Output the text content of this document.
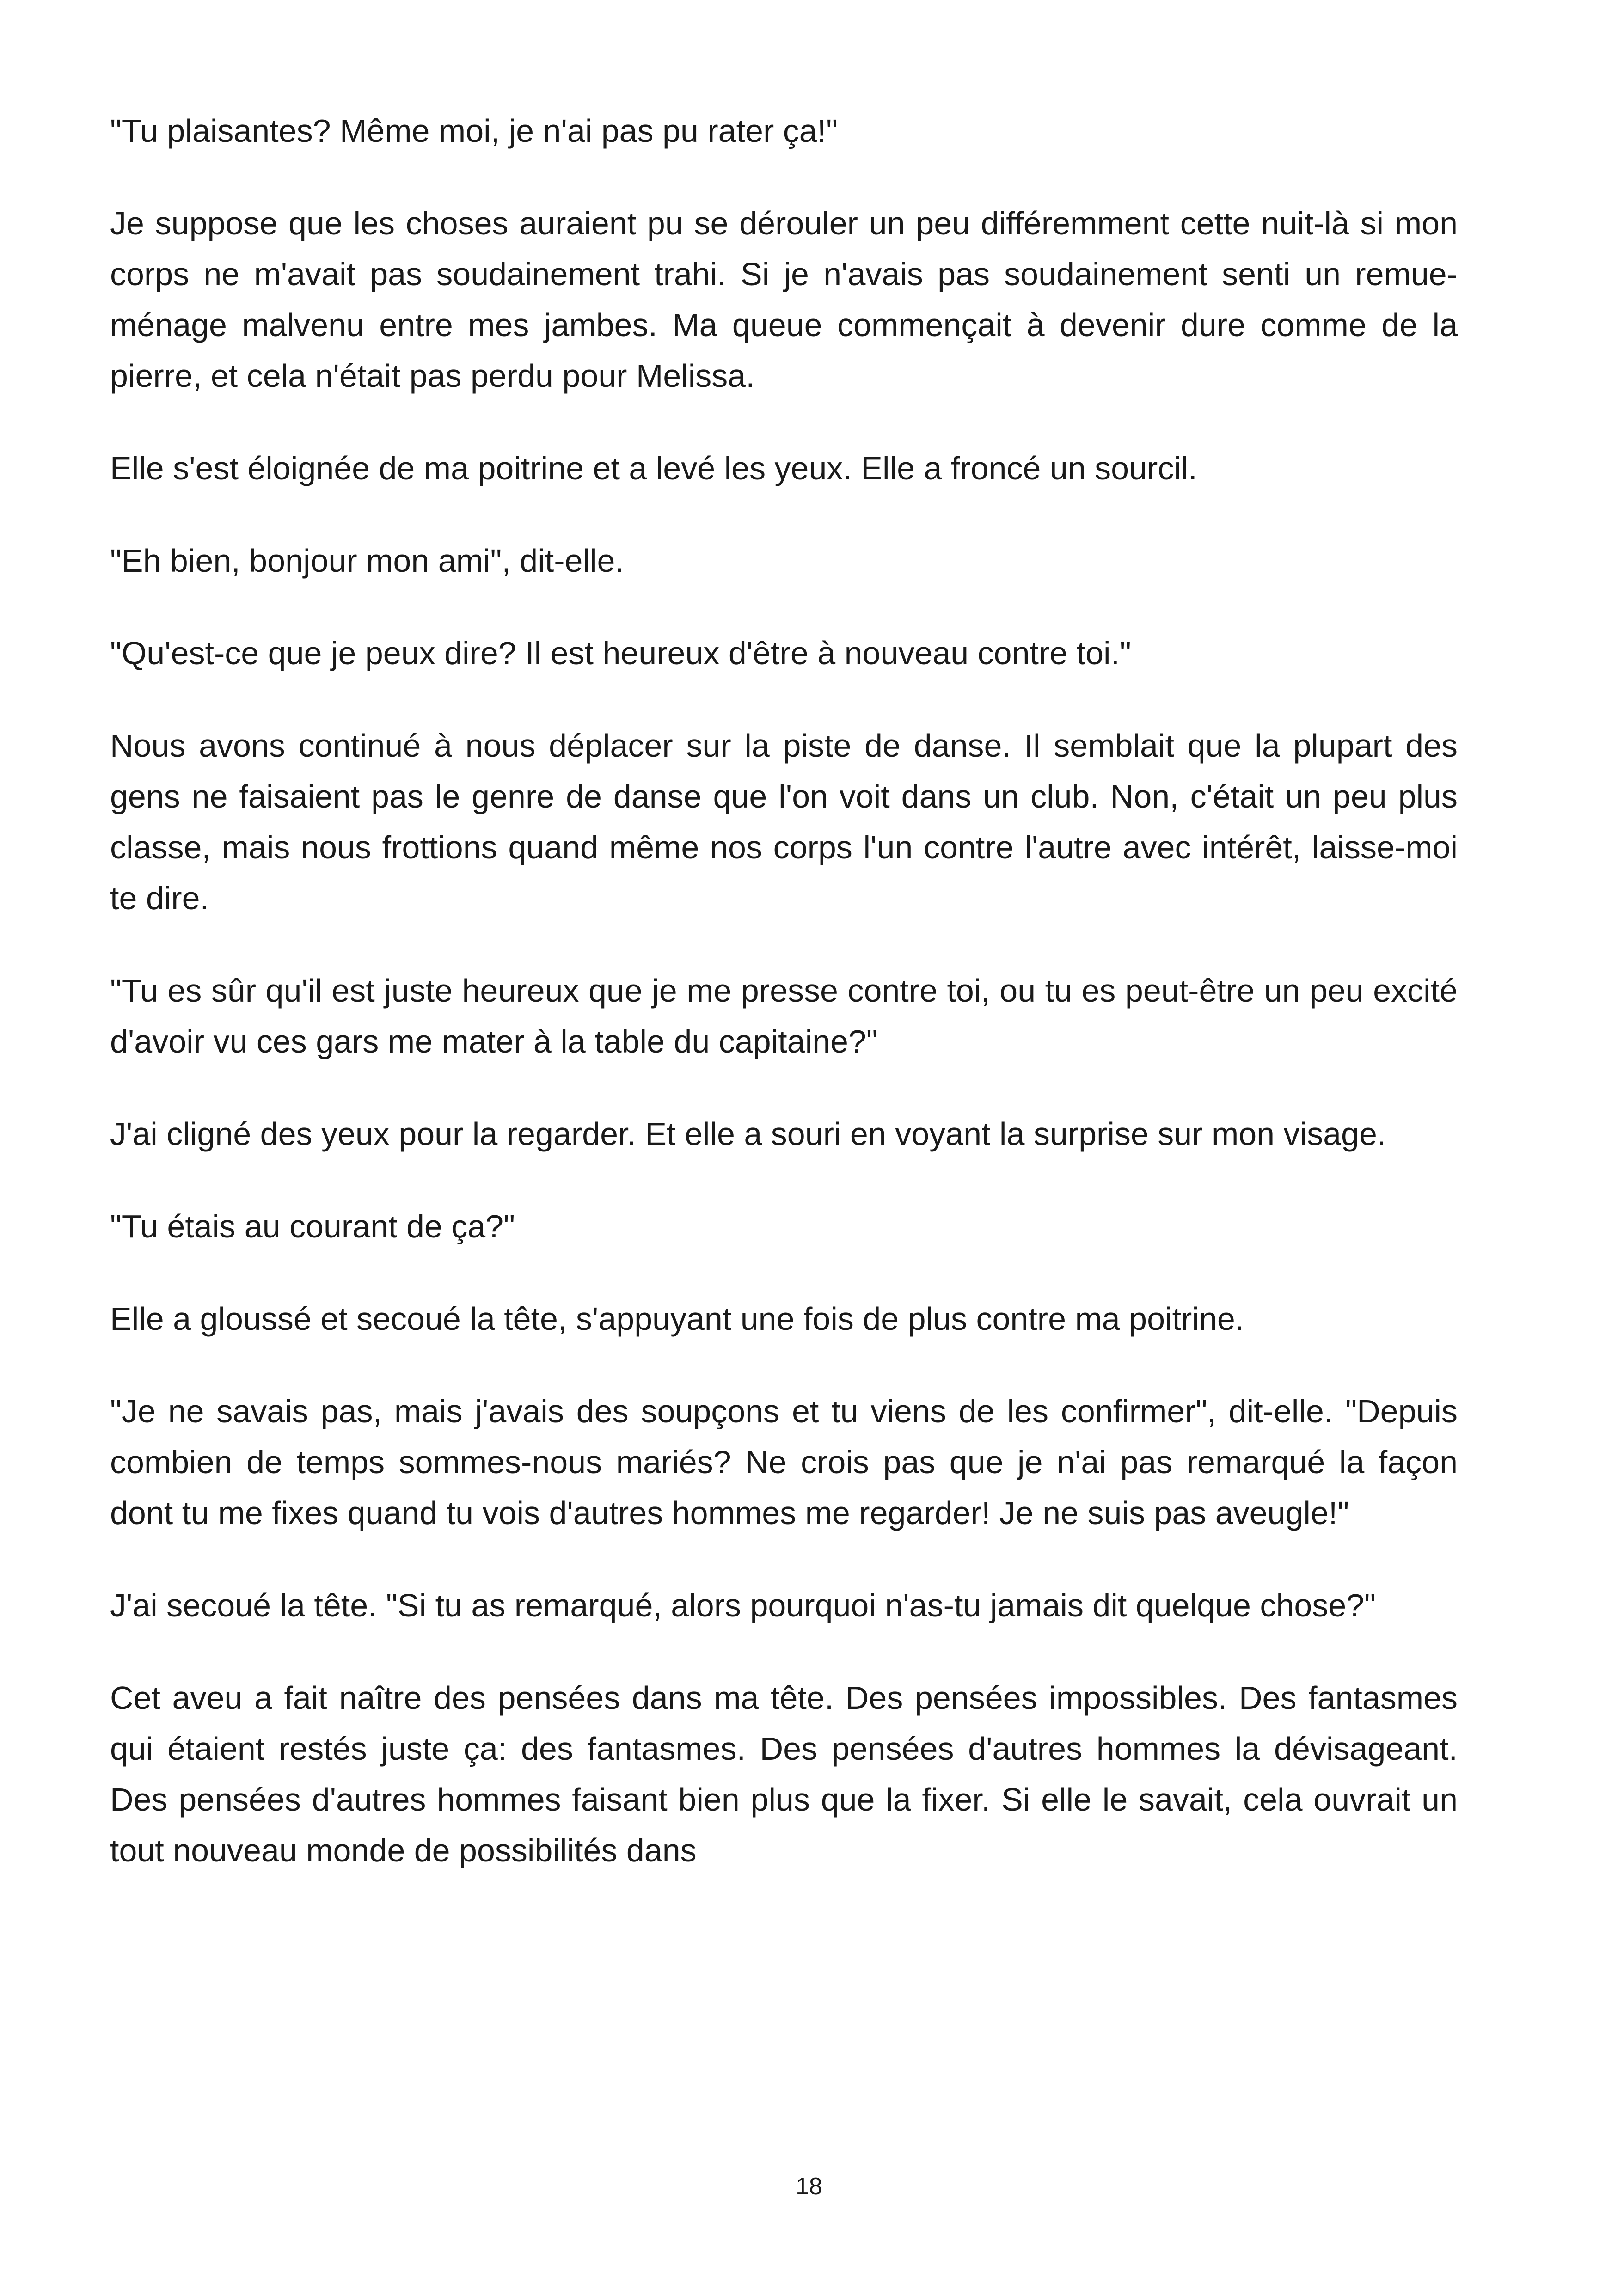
"Tu plaisantes? Même moi, je n'ai pas pu rater ça!"

Je suppose que les choses auraient pu se dérouler un peu différemment cette nuit-là si mon corps ne m'avait pas soudainement trahi. Si je n'avais pas soudainement senti un remue-ménage malvenu entre mes jambes. Ma queue commençait à devenir dure comme de la pierre, et cela n'était pas perdu pour Melissa.

Elle s'est éloignée de ma poitrine et a levé les yeux. Elle a froncé un sourcil.

"Eh bien, bonjour mon ami", dit-elle.

"Qu'est-ce que je peux dire? Il est heureux d'être à nouveau contre toi."

Nous avons continué à nous déplacer sur la piste de danse. Il semblait que la plupart des gens ne faisaient pas le genre de danse que l'on voit dans un club. Non, c'était un peu plus classe, mais nous frottions quand même nos corps l'un contre l'autre avec intérêt, laisse-moi te dire.

"Tu es sûr qu'il est juste heureux que je me presse contre toi, ou tu es peut-être un peu excité d'avoir vu ces gars me mater à la table du capitaine?"

J'ai cligné des yeux pour la regarder. Et elle a souri en voyant la surprise sur mon visage.

"Tu étais au courant de ça?"

Elle a gloussé et secoué la tête, s'appuyant une fois de plus contre ma poitrine.

"Je ne savais pas, mais j'avais des soupçons et tu viens de les confirmer", dit-elle. "Depuis combien de temps sommes-nous mariés? Ne crois pas que je n'ai pas remarqué la façon dont tu me fixes quand tu vois d'autres hommes me regarder! Je ne suis pas aveugle!"

J'ai secoué la tête. "Si tu as remarqué, alors pourquoi n'as-tu jamais dit quelque chose?"

Cet aveu a fait naître des pensées dans ma tête. Des pensées impossibles. Des fantasmes qui étaient restés juste ça: des fantasmes. Des pensées d'autres hommes la dévisageant. Des pensées d'autres hommes faisant bien plus que la fixer. Si elle le savait, cela ouvrait un tout nouveau monde de possibilités dans

18
